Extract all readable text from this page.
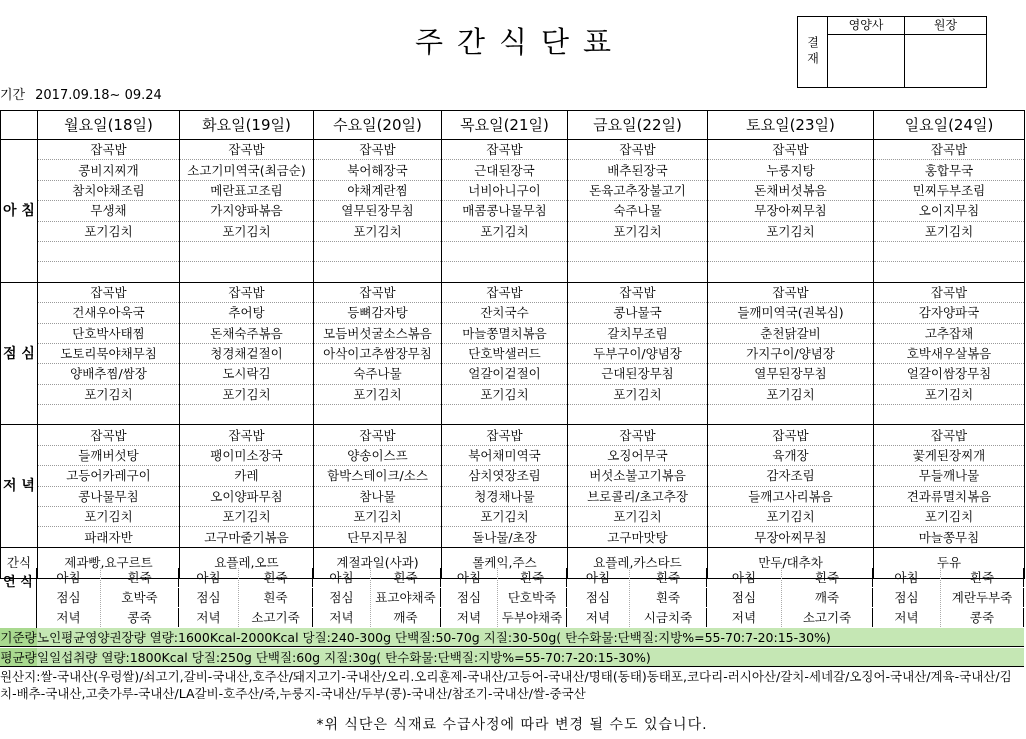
주간식단표	결재
영양사	원장
기간 2017.09.18~ 09.24
	월요일(18일)	화요일(19일)	수요일(20일)	목요일(21일)	금요일(22일)	토요일(23일)	일요일(24일)
아 침	잡곡밥	잡곡밥	잡곡밥	잡곡밥	잡곡밥	잡곡밥	잡곡밥
	콩비지찌개	소고기미역국(최금순)	북어해장국	근대된장국	배추된장국	누룽지탕	홍합무국
	참치야채조림	메란표고조림	야채계란찜	너비아니구이	돈육고추장불고기	돈채버섯볶음	민찌두부조림
	무생채	가지양파볶음	열무된장무침	매콤콩나물무침	숙주나물	무장아찌무침	오이지무침
	포기김치	포기김치	포기김치	포기김치	포기김치	포기김치	포기김치

점 심	잡곡밥	잡곡밥	잡곡밥	잡곡밥	잡곡밥	잡곡밥	잡곡밥
	건새우아욱국	추어탕	등뼈감자탕	잔치국수	콩나물국	들깨미역국(권복심)	감자양파국
	단호박사태찜	돈채숙주볶음	모듬버섯굴소스볶음	마늘쫑멸치볶음	갈치무조림	춘천닭갈비	고추잡채
	도토리묵야채무침	청경채겉절이	아삭이고추쌈장무침	단호박샐러드	두부구이/양념장	가지구이/양념장	호박새우살볶음
	양배추찜/쌈장	도시락김	숙주나물	얼갈이겉절이	근대된장무침	열무된장무침	얼갈이쌈장무침
	포기김치	포기김치	포기김치	포기김치	포기김치	포기김치	포기김치

저 녁	잡곡밥	잡곡밥	잡곡밥	잡곡밥	잡곡밥	잡곡밥	잡곡밥
	들깨버섯탕	팽이미소장국	양송이스프	북어채미역국	오징어무국	육개장	꽃게된장찌개
	고등어카레구이	카레	함박스테이크/소스	삼치엿장조림	버섯소불고기볶음	감자조림	무들깨나물
	콩나물무침	오이양파무침	참나물	청경채나물	브로콜리/초고추장	들깨고사리볶음	견과류멸치볶음
	포기김치	포기김치	포기김치	포기김치	포기김치	포기김치	포기김치
	파래자반	고구마줄기볶음	단무지무침	돌나물/초장	고구마맛탕	무장아찌무침	마늘쫑무침
간식	제과빵,요구르트	요플레,오뜨	계절과일(사과)	롤케익,주스	요플레,카스타드	만두/대추차	두유
연 식	아침	흰죽	아침	흰죽	아침	흰죽	아침	흰죽	아침	흰죽	아침	흰죽	아침	흰죽
점심	호박죽	점심	흰죽	점심	표고야채죽	점심	단호박죽	점심	흰죽	점심	깨죽	점심	계란두부죽
저녁	콩죽	저녁	소고기죽	저녁	깨죽	저녁	두부야채죽	저녁	시금치죽	저녁	소고기죽	저녁	콩죽
기준량노인평균영양권장량 열량:1600Kcal-2000Kcal 당질:240-300g 단백질:50-70g 지질:30-50g( 탄수화물:단백질:지방%=55-70:7-20:15-30%)
평균량일일섭취량 열량:1800Kcal 당질:250g 단백질:60g 지질:30g( 탄수화물:단백질:지방%=55-70:7-20:15-30%)
원산지:쌀-국내산(우렁쌀)/쇠고기,갈비-국내산,호주산/돼지고기-국내산/오리.오리훈제-국내산/고등어-국내산/명태(동태)동태포,코다리-러시아산/갈치-세네갈/오징어-국내산/계육-국내산/김치-배추-국내산,고춧가루-국내산/LA갈비-호주산/죽,누룽지-국내산/두부(콩)-국내산/참조기-국내산/쌀-중국산
*위 식단은 식재료 수급사정에 따라 변경 될 수도 있습니다.
